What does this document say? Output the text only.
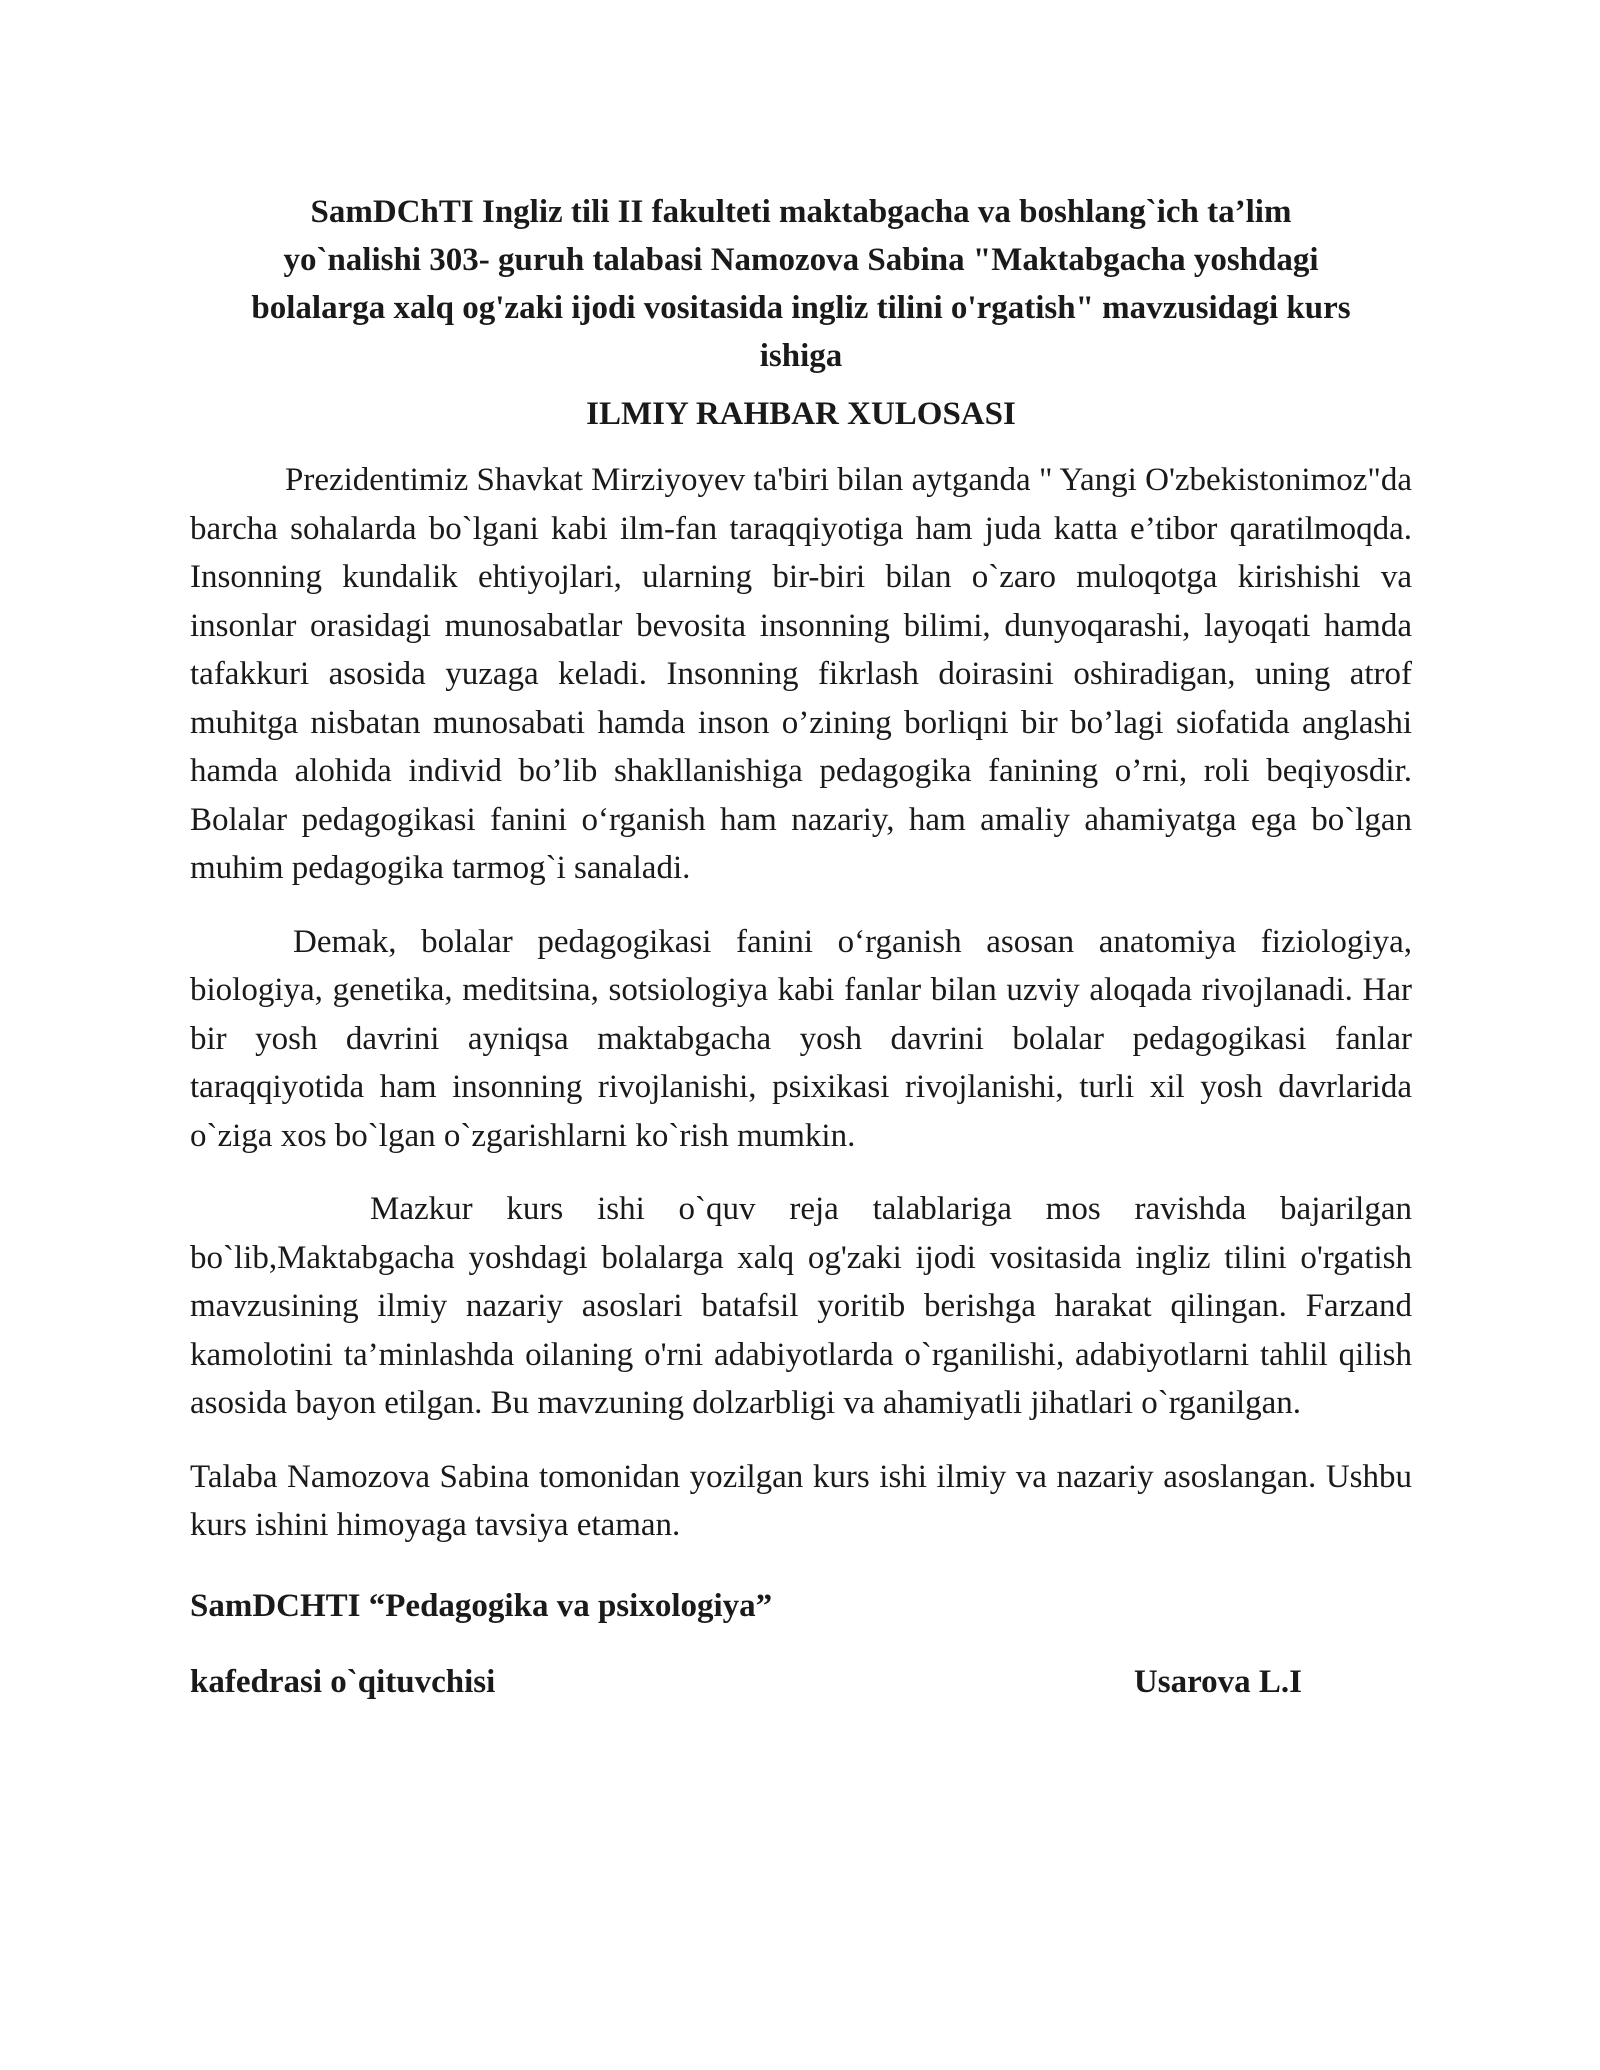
SamDChTI Ingliz tili II fakulteti maktabgacha va boshlang`ich ta’lim yo`nalishi 303- guruh talabasi Namozova Sabina "Maktabgacha yoshdagi bolalarga xalq og'zaki ijodi vositasida ingliz tilini o'rgatish" mavzusidagi kurs ishiga

ILMIY RAHBAR XULOSASI

Prezidentimiz Shavkat Mirziyoyev ta'biri bilan aytganda " Yangi O'zbekistonimoz"da barcha sohalarda bo`lgani kabi ilm-fan taraqqiyotiga ham juda katta e’tibor qaratilmoqda. Insonning kundalik ehtiyojlari, ularning bir-biri bilan o`zaro muloqotga kirishishi va insonlar orasidagi munosabatlar bevosita insonning bilimi, dunyoqarashi, layoqati hamda tafakkuri asosida yuzaga keladi. Insonning fikrlash doirasini oshiradigan, uning atrof muhitga nisbatan munosabati hamda inson o’zining borliqni bir bo’lagi siofatida anglashi hamda alohida individ bo’lib shakllanishiga pedagogika fanining o’rni, roli beqiyosdir. Bolalar pedagogikasi fanini o‘rganish ham nazariy, ham amaliy ahamiyatga ega bo`lgan muhim pedagogika tarmog`i sanaladi.

Demak, bolalar pedagogikasi fanini o‘rganish asosan anatomiya fiziologiya, biologiya, genetika, meditsina, sotsiologiya kabi fanlar bilan uzviy aloqada rivojlanadi. Har bir yosh davrini ayniqsa maktabgacha yosh davrini bolalar pedagogikasi fanlar taraqqiyotida ham insonning rivojlanishi, psixikasi rivojlanishi, turli xil yosh davrlarida o`ziga xos bo`lgan o`zgarishlarni ko`rish mumkin.

Mazkur kurs ishi o`quv reja talablariga mos ravishda bajarilgan bo`lib,Maktabgacha yoshdagi bolalarga xalq og'zaki ijodi vositasida ingliz tilini o'rgatish mavzusining ilmiy nazariy asoslari batafsil yoritib berishga harakat qilingan. Farzand kamolotini ta’minlashda oilaning o'rni adabiyotlarda o`rganilishi, adabiyotlarni tahlil qilish asosida bayon etilgan. Bu mavzuning dolzarbligi va ahamiyatli jihatlari o`rganilgan.

Talaba Namozova Sabina tomonidan yozilgan kurs ishi ilmiy va nazariy asoslangan. Ushbu kurs ishini himoyaga tavsiya etaman.

SamDCHTI “Pedagogika va psixologiya”

kafedrasi o`qituvchisi	Usarova L.I
